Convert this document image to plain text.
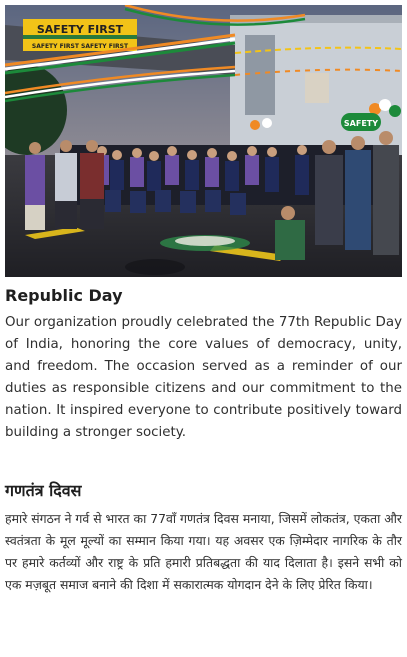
SAFETY FIRST
SAFETY FIRST SAFETY FIRST
SAFETY
Republic Day

Our organization proudly celebrated the 77th Republic Day of India, honoring the core values of democracy, unity, and freedom. The occasion served as a reminder of our duties as responsible citizens and our commitment to the nation. It inspired everyone to contribute positively toward building a stronger society.

गणतंत्र दिवस

हमारे संगठन ने गर्व से भारत का 77वाँ गणतंत्र दिवस मनाया, जिसमें लोकतंत्र, एकता और स्वतंत्रता के मूल मूल्यों का सम्मान किया गया। यह अवसर एक ज़िम्मेदार नागरिक के तौर पर हमारे कर्तव्यों और राष्ट्र के प्रति हमारी प्रतिबद्धता की याद दिलाता है। इसने सभी को एक मज़बूत समाज बनाने की दिशा में सकारात्मक योगदान देने के लिए प्रेरित किया।
